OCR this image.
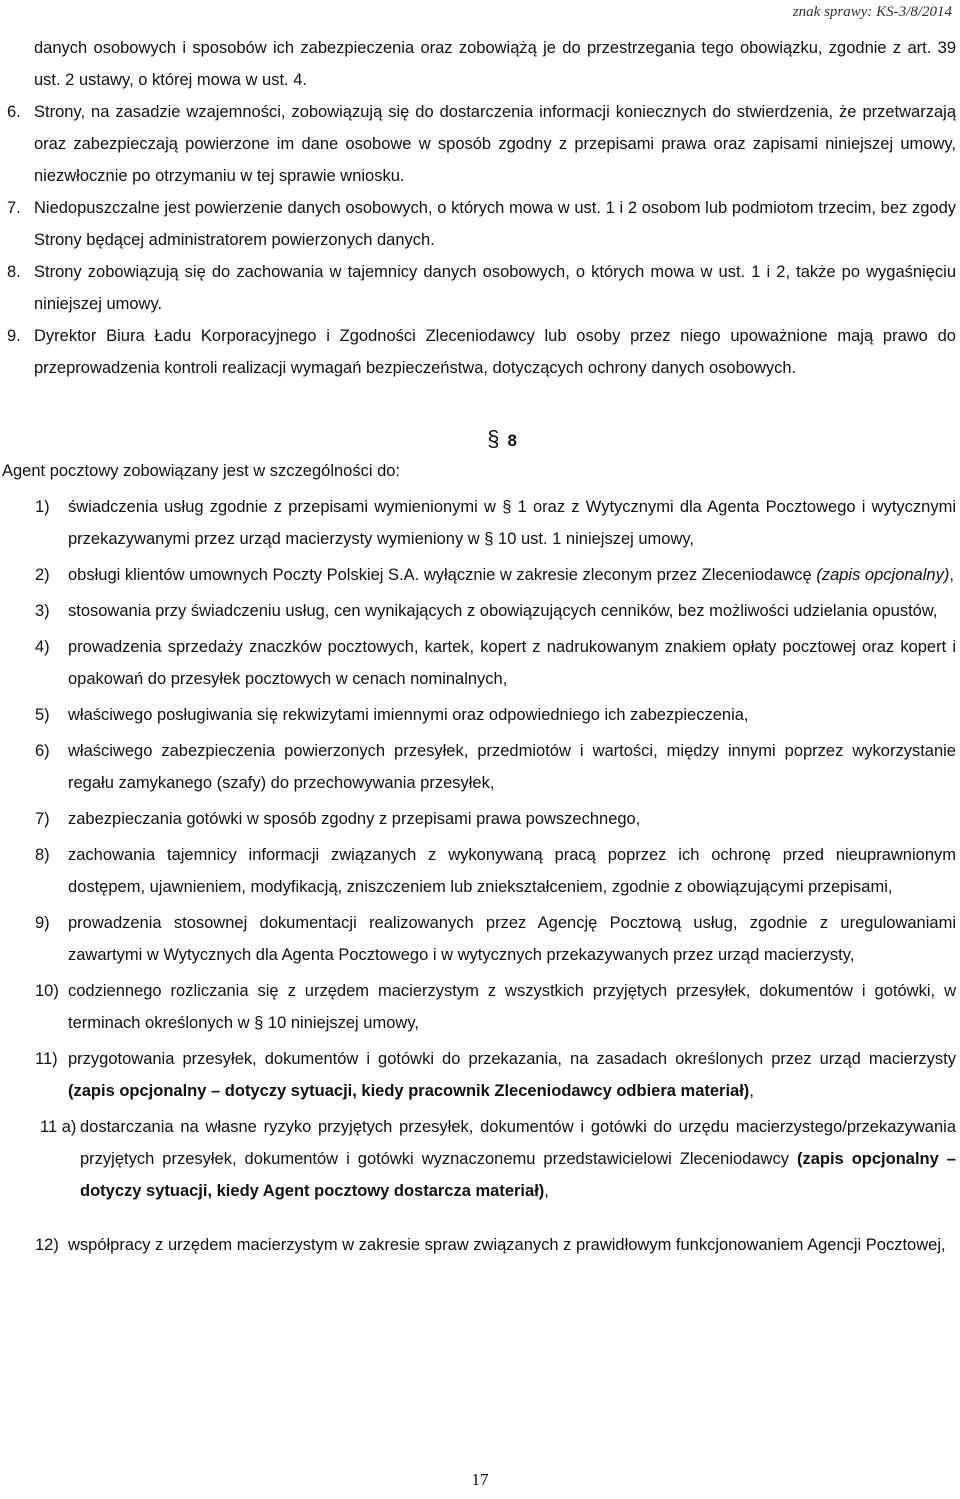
znak sprawy: KS-3/8/2014

danych osobowych i sposobów ich zabezpieczenia oraz zobowiążą je do przestrzegania tego obowiązku, zgodnie z art. 39 ust. 2 ustawy, o której mowa w ust. 4.

6. Strony, na zasadzie wzajemności, zobowiązują się do dostarczenia informacji koniecznych do stwierdzenia, że przetwarzają oraz zabezpieczają powierzone im dane osobowe w sposób zgodny z przepisami prawa oraz zapisami niniejszej umowy, niezwłocznie po otrzymaniu w tej sprawie wniosku.

7. Niedopuszczalne jest powierzenie danych osobowych, o których mowa w ust. 1 i 2 osobom lub podmiotom trzecim, bez zgody Strony będącej administratorem powierzonych danych.

8. Strony zobowiązują się do zachowania w tajemnicy danych osobowych, o których mowa w ust. 1 i 2, także po wygaśnięciu niniejszej umowy.

9. Dyrektor Biura Ładu Korporacyjnego i Zgodności Zleceniodawcy lub osoby przez niego upoważnione mają prawo do przeprowadzenia kontroli realizacji wymagań bezpieczeństwa, dotyczących ochrony danych osobowych.

§ 8

Agent pocztowy zobowiązany jest w szczególności do:

1) świadczenia usług zgodnie z przepisami wymienionymi w § 1 oraz z Wytycznymi dla Agenta Pocztowego i wytycznymi przekazywanymi przez urząd macierzysty wymieniony w § 10 ust. 1 niniejszej umowy,
2) obsługi klientów umownych Poczty Polskiej S.A. wyłącznie w zakresie zleconym przez Zleceniodawcę (zapis opcjonalny),
3) stosowania przy świadczeniu usług, cen wynikających z obowiązujących cenników, bez możliwości udzielania opustów,
4) prowadzenia sprzedaży znaczków pocztowych, kartek, kopert z nadrukowanym znakiem opłaty pocztowej oraz kopert i opakowań do przesyłek pocztowych w cenach nominalnych,
5) właściwego posługiwania się rekwizytami imiennymi oraz odpowiedniego ich zabezpieczenia,
6) właściwego zabezpieczenia powierzonych przesyłek, przedmiotów i wartości, między innymi poprzez wykorzystanie regału zamykanego (szafy) do przechowywania przesyłek,
7) zabezpieczania gotówki w sposób zgodny z przepisami prawa powszechnego,
8) zachowania tajemnicy informacji związanych z wykonywaną pracą poprzez ich ochronę przed nieuprawnionym dostępem, ujawnieniem, modyfikacją, zniszczeniem lub zniekształceniem, zgodnie z obowiązującymi przepisami,
9) prowadzenia stosownej dokumentacji realizowanych przez Agencję Pocztową usług, zgodnie z uregulowaniami zawartymi w Wytycznych dla Agenta Pocztowego i w wytycznych przekazywanych przez urząd macierzysty,
10) codziennego rozliczania się z urzędem macierzystym z wszystkich przyjętych przesyłek, dokumentów i gotówki, w terminach określonych w § 10 niniejszej umowy,
11) przygotowania przesyłek, dokumentów i gotówki do przekazania, na zasadach określonych przez urząd macierzysty (zapis opcjonalny – dotyczy sytuacji, kiedy pracownik Zleceniodawcy odbiera materiał),
11 a) dostarczania na własne ryzyko przyjętych przesyłek, dokumentów i gotówki do urzędu macierzystego/przekazywania przyjętych przesyłek, dokumentów i gotówki wyznaczonemu przedstawicielowi Zleceniodawcy (zapis opcjonalny – dotyczy sytuacji, kiedy Agent pocztowy dostarcza materiał),
12) współpracy z urzędem macierzystym w zakresie spraw związanych z prawidłowym funkcjonowaniem Agencji Pocztowej,
17
